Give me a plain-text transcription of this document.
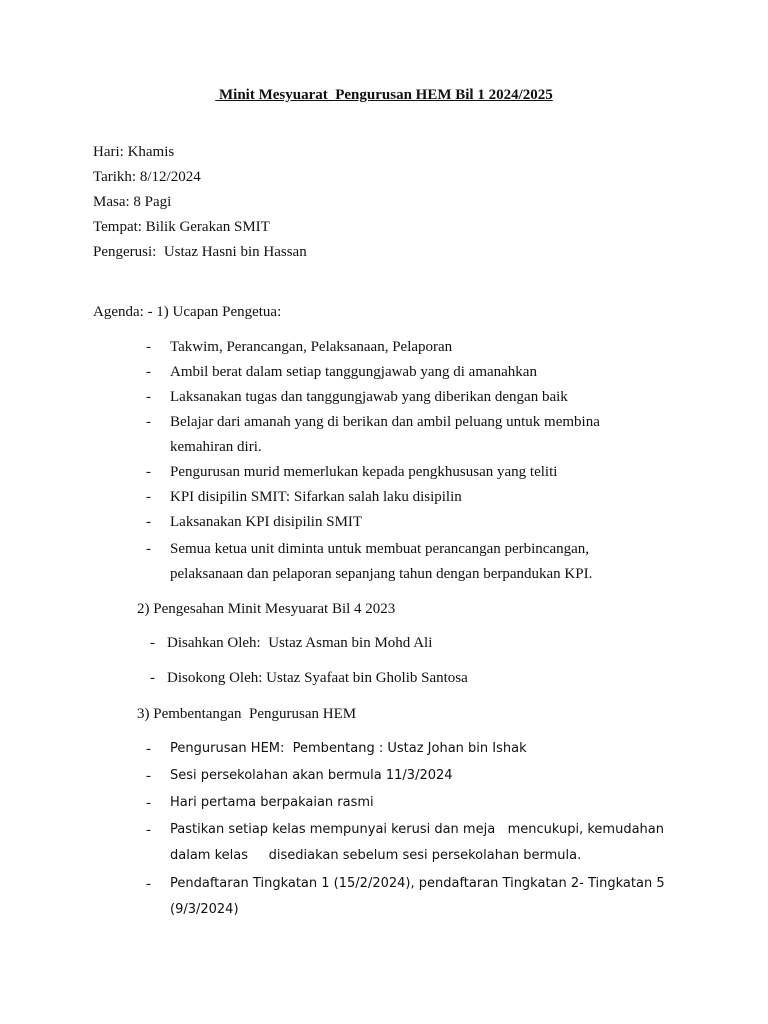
Minit Mesyuarat  Pengurusan HEM Bil 1 2024/2025
Hari: Khamis
Tarikh: 8/12/2024
Masa: 8 Pagi
Tempat: Bilik Gerakan SMIT
Pengerusi:  Ustaz Hasni bin Hassan
Agenda: - 1) Ucapan Pengetua:
- Takwim, Perancangan, Pelaksanaan, Pelaporan
- Ambil berat dalam setiap tanggungjawab yang di amanahkan
- Laksanakan tugas dan tanggungjawab yang diberikan dengan baik
- Belajar dari amanah yang di berikan dan ambil peluang untuk membina
kemahiran diri.
- Pengurusan murid memerlukan kepada pengkhususan yang teliti
- KPI disipilin SMIT: Sifarkan salah laku disipilin
- Laksanakan KPI disipilin SMIT
- Semua ketua unit diminta untuk membuat perancangan perbincangan,
pelaksanaan dan pelaporan sepanjang tahun dengan berpandukan KPI.
2) Pengesahan Minit Mesyuarat Bil 4 2023
- Disahkan Oleh:  Ustaz Asman bin Mohd Ali
- Disokong Oleh: Ustaz Syafaat bin Gholib Santosa
3) Pembentangan  Pengurusan HEM
- Pengurusan HEM:  Pembentang : Ustaz Johan bin Ishak
- Sesi persekolahan akan bermula 11/3/2024
- Hari pertama berpakaian rasmi
- Pastikan setiap kelas mempunyai kerusi dan meja   mencukupi, kemudahan
dalam kelas     disediakan sebelum sesi persekolahan bermula.
- Pendaftaran Tingkatan 1 (15/2/2024), pendaftaran Tingkatan 2- Tingkatan 5
(9/3/2024)
